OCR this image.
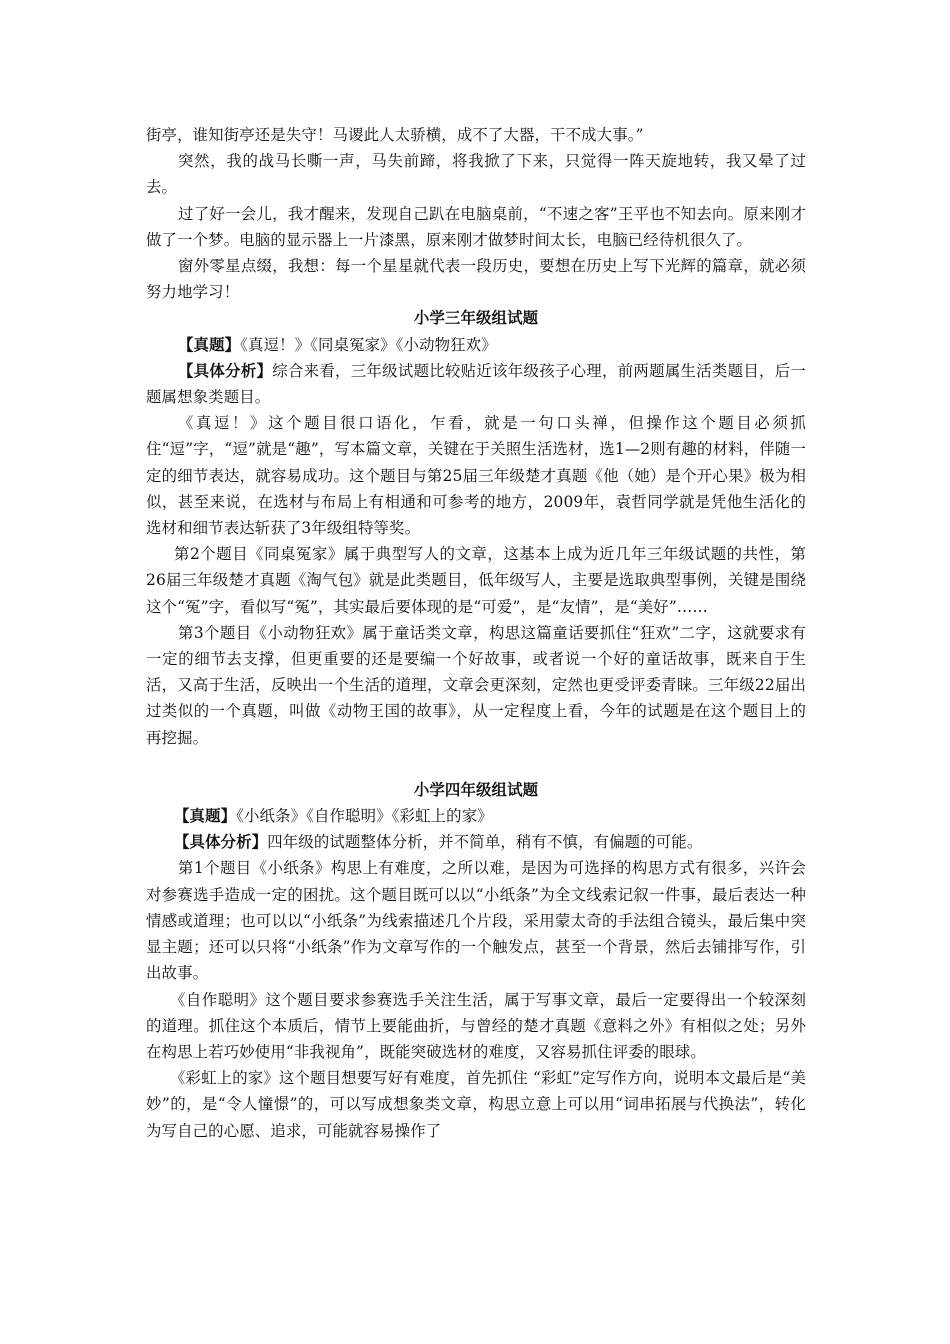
街亭，谁知街亭还是失守！马谡此人太骄横，成不了大器，干不成大事。”

突然，我的战马长嘶一声，马失前蹄，将我掀了下来，只觉得一阵天旋地转，我又晕了过去。

过了好一会儿，我才醒来，发现自己趴在电脑桌前，“不速之客”王平也不知去向。原来刚才做了一个梦。电脑的显示器上一片漆黑，原来刚才做梦时间太长，电脑已经待机很久了。

窗外零星点缀，我想：每一个星星就代表一段历史，要想在历史上写下光辉的篇章，就必须努力地学习！

小学三年级组试题

【真题】《真逗！》《同桌冤家》《小动物狂欢》

【具体分析】综合来看，三年级试题比较贴近该年级孩子心理，前两题属生活类题目，后一题属想象类题目。

《真逗！》这个题目很口语化，乍看，就是一句口头禅，但操作这个题目必须抓住“逗”字，“逗”就是“趣”，写本篇文章，关键在于关照生活选材，选1—2则有趣的材料，伴随一定的细节表达，就容易成功。这个题目与第25届三年级楚才真题《他（她）是个开心果》极为相似，甚至来说，在选材与布局上有相通和可参考的地方，2009年，袁哲同学就是凭他生活化的选材和细节表达斩获了3年级组特等奖。

第2个题目《同桌冤家》属于典型写人的文章，这基本上成为近几年三年级试题的共性，第26届三年级楚才真题《淘气包》就是此类题目，低年级写人，主要是选取典型事例，关键是围绕这个“冤”字，看似写“冤”，其实最后要体现的是“可爱”，是“友情”，是“美好”……

第3个题目《小动物狂欢》属于童话类文章，构思这篇童话要抓住“狂欢”二字，这就要求有一定的细节去支撑，但更重要的还是要编一个好故事，或者说一个好的童话故事，既来自于生活，又高于生活，反映出一个生活的道理，文章会更深刻，定然也更受评委青睐。三年级22届出过类似的一个真题，叫做《动物王国的故事》，从一定程度上看，今年的试题是在这个题目上的再挖掘。

小学四年级组试题

【真题】《小纸条》《自作聪明》《彩虹上的家》

【具体分析】四年级的试题整体分析，并不简单，稍有不慎，有偏题的可能。

第1个题目《小纸条》构思上有难度，之所以难，是因为可选择的构思方式有很多，兴许会对参赛选手造成一定的困扰。这个题目既可以以“小纸条”为全文线索记叙一件事，最后表达一种情感或道理；也可以以“小纸条”为线索描述几个片段，采用蒙太奇的手法组合镜头，最后集中突显主题；还可以只将“小纸条”作为文章写作的一个触发点，甚至一个背景，然后去铺排写作，引出故事。

《自作聪明》这个题目要求参赛选手关注生活，属于写事文章，最后一定要得出一个较深刻的道理。抓住这个本质后，情节上要能曲折，与曾经的楚才真题《意料之外》有相似之处；另外在构思上若巧妙使用“非我视角”，既能突破选材的难度，又容易抓住评委的眼球。

《彩虹上的家》这个题目想要写好有难度，首先抓住 “彩虹”定写作方向，说明本文最后是“美妙”的，是“令人憧憬”的，可以写成想象类文章，构思立意上可以用“词串拓展与代换法”，转化为写自己的心愿、追求，可能就容易操作了
